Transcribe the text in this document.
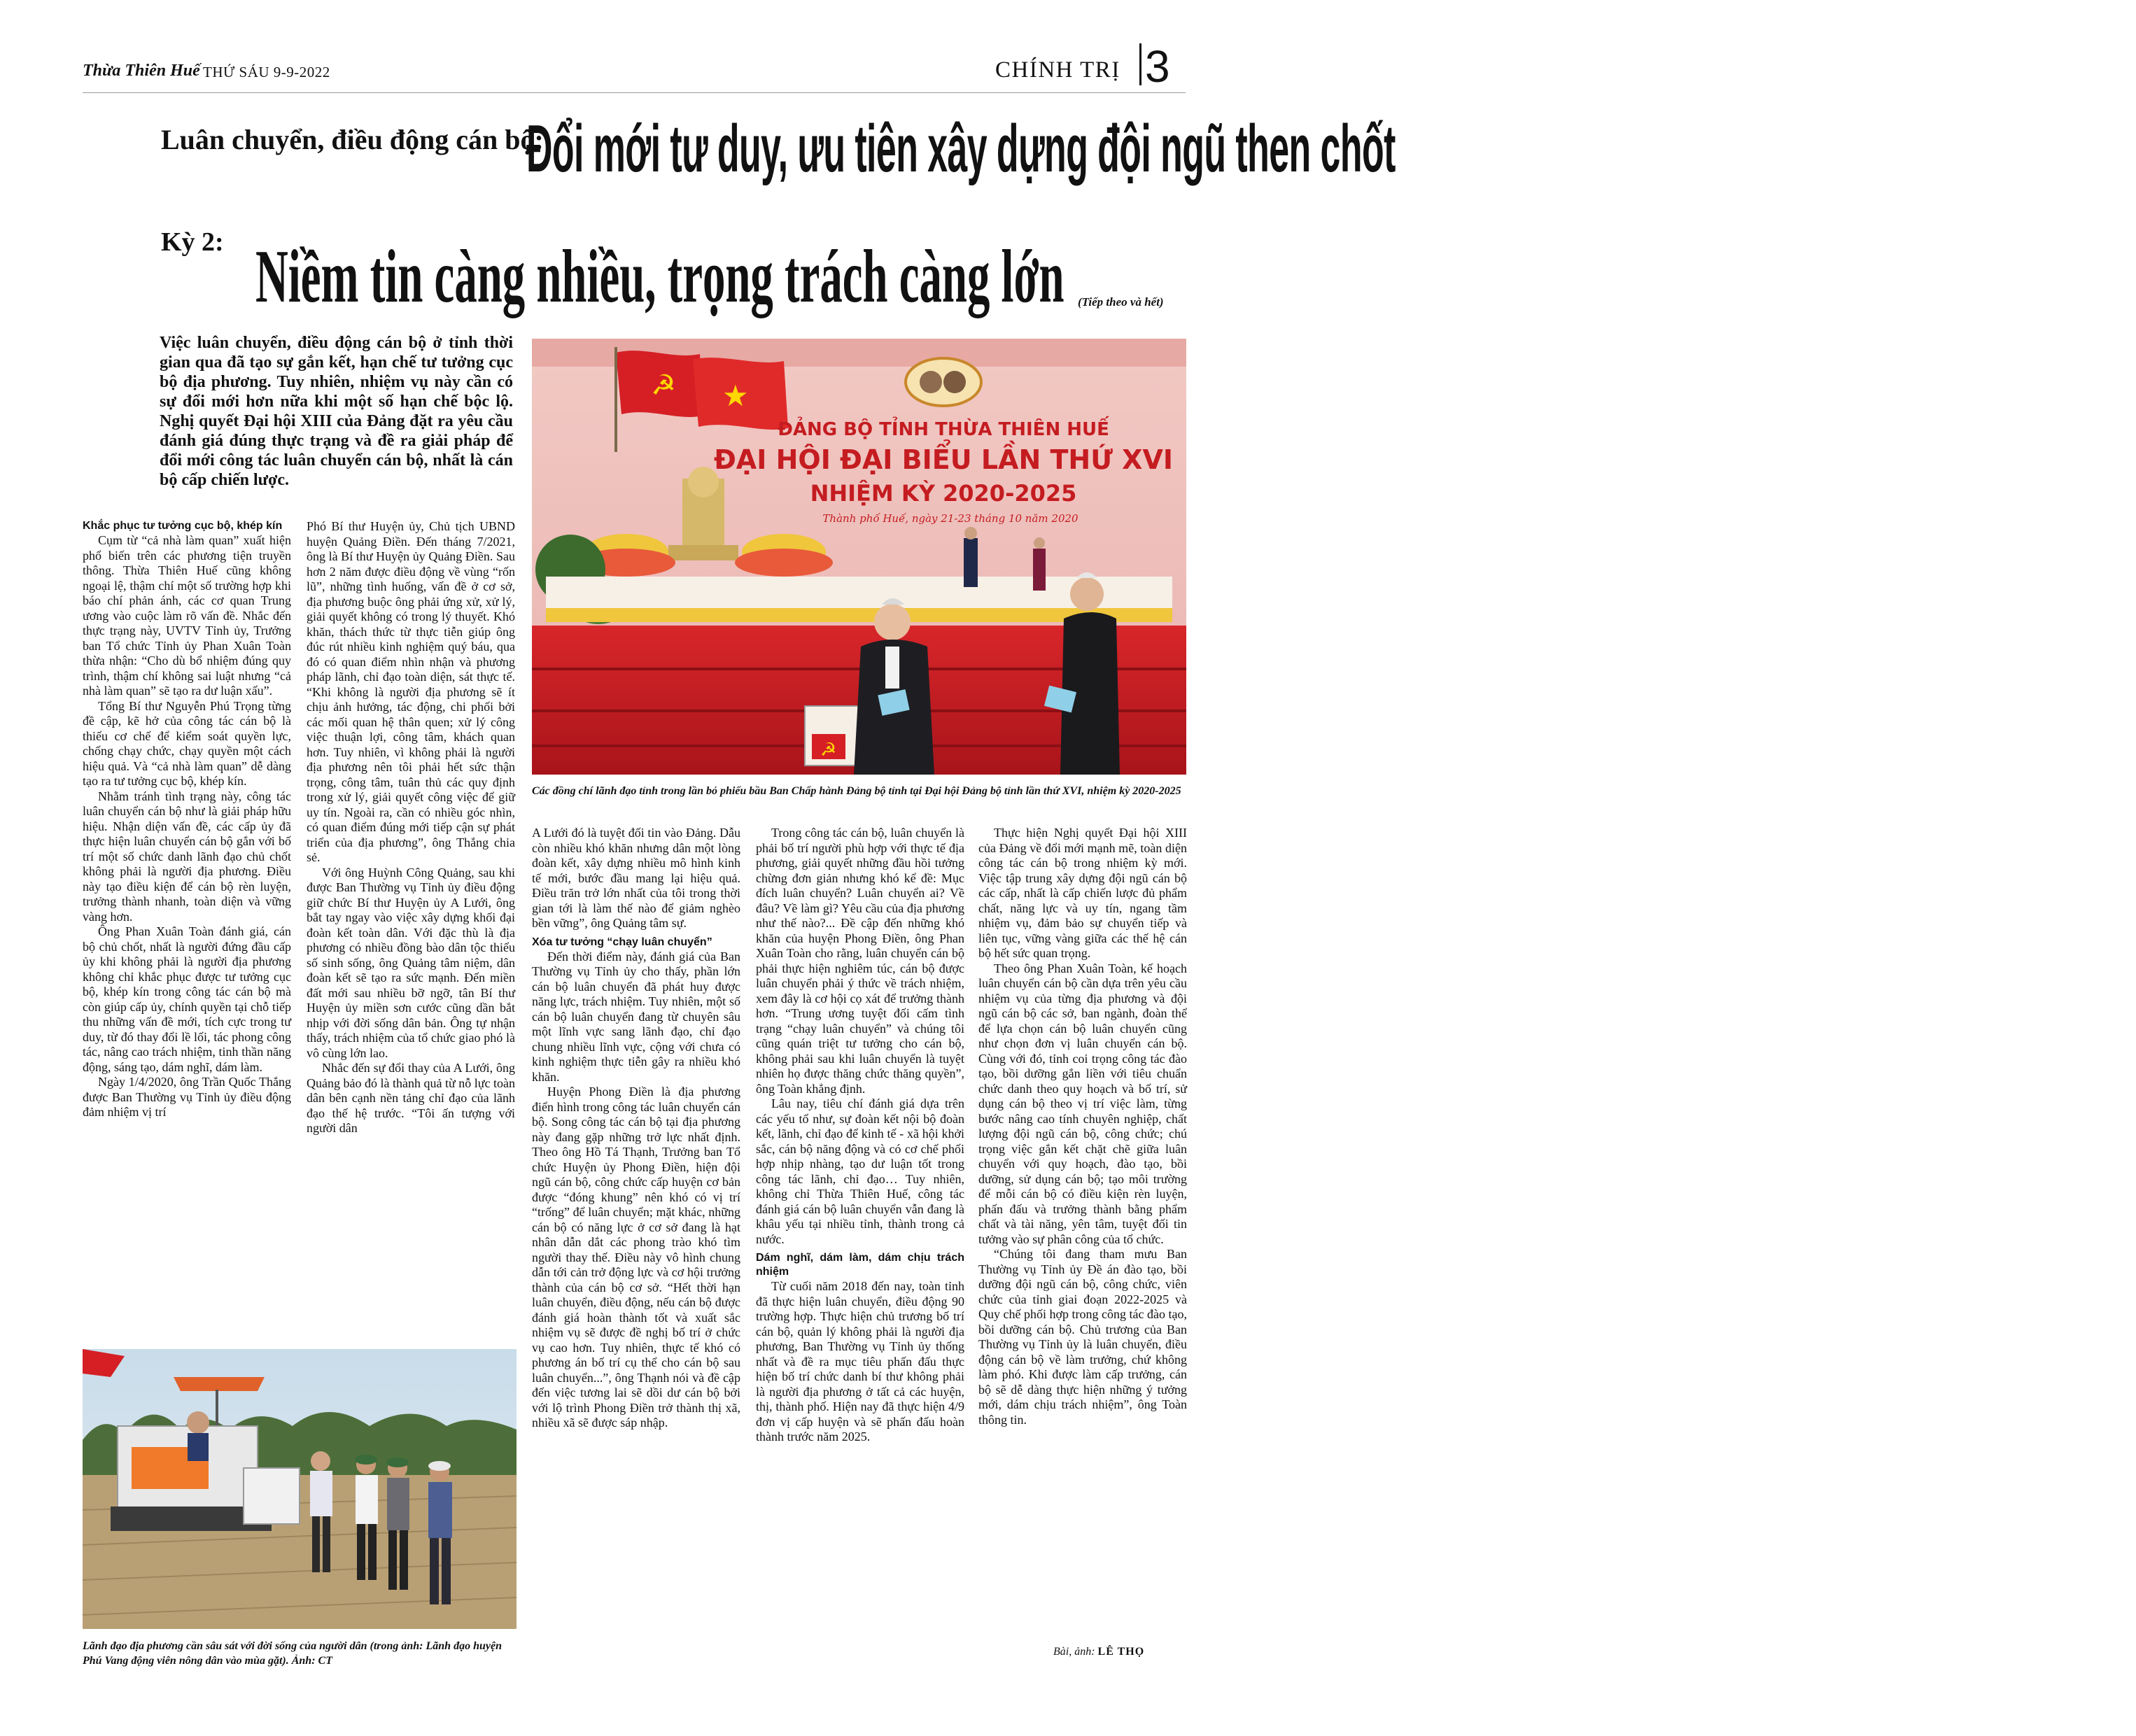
Thừa Thiên Huế THỨ SÁU 9-9-2022	CHÍNH TRỊ 3
Luân chuyển, điều động cán bộ:
Đổi mới tư duy, ưu tiên xây dựng đội ngũ then chốt
Kỳ 2: Niềm tin càng nhiều, trọng trách càng lớn (Tiếp theo và hết)
Việc luân chuyển, điều động cán bộ ở tỉnh thời gian qua đã tạo sự gắn kết, hạn chế tư tưởng cục bộ địa phương. Tuy nhiên, nhiệm vụ này cần có sự đổi mới hơn nữa khi một số hạn chế bộc lộ. Nghị quyết Đại hội XIII của Đảng đặt ra yêu cầu đánh giá đúng thực trạng và đề ra giải pháp để đổi mới công tác luân chuyển cán bộ, nhất là cán bộ cấp chiến lược.
☭ ★
ĐẢNG BỘ TỈNH THỪA THIÊN HUẾ
ĐẠI HỘI ĐẠI BIỂU LẦN THỨ XVI
NHIỆM KỲ 2020-2025
Thành phố Huế, ngày 21-23 tháng 10 năm 2020
☭
Các đồng chí lãnh đạo tỉnh trong lần bỏ phiếu bầu Ban Chấp hành Đảng bộ tỉnh tại Đại hội Đảng bộ tỉnh lần thứ XVI, nhiệm kỳ 2020-2025
Khắc phục tư tưởng cục bộ, khép kín

Cụm từ “cả nhà làm quan” xuất hiện phổ biến trên các phương tiện truyền thông. Thừa Thiên Huế cũng không ngoại lệ, thậm chí một số trường hợp khi báo chí phản ánh, các cơ quan Trung ương vào cuộc làm rõ vấn đề. Nhắc đến thực trạng này, UVTV Tỉnh ủy, Trưởng ban Tổ chức Tỉnh ủy Phan Xuân Toàn thừa nhận: “Cho dù bổ nhiệm đúng quy trình, thậm chí không sai luật nhưng “cả nhà làm quan” sẽ tạo ra dư luận xấu”.

Tổng Bí thư Nguyễn Phú Trọng từng đề cập, kẽ hở của công tác cán bộ là thiếu cơ chế để kiểm soát quyền lực, chống chạy chức, chạy quyền một cách hiệu quả. Và “cả nhà làm quan” dễ dàng tạo ra tư tưởng cục bộ, khép kín.

Nhằm tránh tình trạng này, công tác luân chuyển cán bộ như là giải pháp hữu hiệu. Nhận diện vấn đề, các cấp ủy đã thực hiện luân chuyển cán bộ gắn với bố trí một số chức danh lãnh đạo chủ chốt không phải là người địa phương. Điều này tạo điều kiện để cán bộ rèn luyện, trưởng thành nhanh, toàn diện và vững vàng hơn.

Ông Phan Xuân Toàn đánh giá, cán bộ chủ chốt, nhất là người đứng đầu cấp ủy khi không phải là người địa phương không chỉ khắc phục được tư tưởng cục bộ, khép kín trong công tác cán bộ mà còn giúp cấp ủy, chính quyền tại chỗ tiếp thu những vấn đề mới, tích cực trong tư duy, từ đó thay đổi lề lối, tác phong công tác, nâng cao trách nhiệm, tinh thần năng động, sáng tạo, dám nghĩ, dám làm.

Ngày 1/4/2020, ông Trần Quốc Thắng được Ban Thường vụ Tỉnh ủy điều động đảm nhiệm vị trí

Phó Bí thư Huyện ủy, Chủ tịch UBND huyện Quảng Điền. Đến tháng 7/2021, ông là Bí thư Huyện ủy Quảng Điền. Sau hơn 2 năm được điều động về vùng “rốn lũ”, những tình huống, vấn đề ở cơ sở, địa phương buộc ông phải ứng xử, xử lý, giải quyết không có trong lý thuyết. Khó khăn, thách thức từ thực tiễn giúp ông đúc rút nhiều kinh nghiệm quý báu, qua đó có quan điểm nhìn nhận và phương pháp lãnh, chỉ đạo toàn diện, sát thực tế. “Khi không là người địa phương sẽ ít chịu ảnh hưởng, tác động, chi phối bởi các mối quan hệ thân quen; xử lý công việc thuận lợi, công tâm, khách quan hơn. Tuy nhiên, vì không phải là người địa phương nên tôi phải hết sức thận trọng, công tâm, tuân thủ các quy định trong xử lý, giải quyết công việc để giữ uy tín. Ngoài ra, cần có nhiều góc nhìn, có quan điểm đúng mới tiếp cận sự phát triển của địa phương”, ông Thắng chia sẻ.

Với ông Huỳnh Công Quảng, sau khi được Ban Thường vụ Tỉnh ủy điều động giữ chức Bí thư Huyện ủy A Lưới, ông bắt tay ngay vào việc xây dựng khối đại đoàn kết toàn dân. Với đặc thù là địa phương có nhiều đồng bào dân tộc thiểu số sinh sống, ông Quảng tâm niệm, dân đoàn kết sẽ tạo ra sức mạnh. Đến miền đất mới sau nhiều bỡ ngỡ, tân Bí thư Huyện ủy miền sơn cước cũng dần bắt nhịp với đời sống dân bản. Ông tự nhận thấy, trách nhiệm của tổ chức giao phó là vô cùng lớn lao.

Nhắc đến sự đổi thay của A Lưới, ông Quảng bảo đó là thành quả từ nỗ lực toàn dân bên cạnh nền tảng chỉ đạo của lãnh đạo thế hệ trước. “Tôi ấn tượng với người dân

Lãnh đạo địa phương cần sâu sát với đời sống của người dân (trong ảnh: Lãnh đạo huyện Phú Vang động viên nông dân vào mùa gặt). Ảnh: CT

A Lưới đó là tuyệt đối tin vào Đảng. Dẫu còn nhiều khó khăn nhưng dân một lòng đoàn kết, xây dựng nhiều mô hình kinh tế mới, bước đầu mang lại hiệu quả. Điều trăn trở lớn nhất của tôi trong thời gian tới là làm thế nào để giảm nghèo bền vững”, ông Quảng tâm sự.

Xóa tư tưởng “chạy luân chuyển”

Đến thời điểm này, đánh giá của Ban Thường vụ Tỉnh ủy cho thấy, phần lớn cán bộ luân chuyển đã phát huy được năng lực, trách nhiệm. Tuy nhiên, một số cán bộ luân chuyển đang từ chuyên sâu một lĩnh vực sang lãnh đạo, chỉ đạo chung nhiều lĩnh vực, cộng với chưa có kinh nghiệm thực tiễn gây ra nhiều khó khăn.

Huyện Phong Điền là địa phương điển hình trong công tác luân chuyển cán bộ. Song công tác cán bộ tại địa phương này đang gặp những trở lực nhất định. Theo ông Hồ Tá Thạnh, Trưởng ban Tổ chức Huyện ủy Phong Điền, hiện đội ngũ cán bộ, công chức cấp huyện cơ bản được “đóng khung” nên khó có vị trí “trống” để luân chuyển; mặt khác, những cán bộ có năng lực ở cơ sở đang là hạt nhân dẫn dắt các phong trào khó tìm người thay thế. Điều này vô hình chung dẫn tới cản trở động lực và cơ hội trưởng thành của cán bộ cơ sở. “Hết thời hạn luân chuyển, điều động, nếu cán bộ được đánh giá hoàn thành tốt và xuất sắc nhiệm vụ sẽ được đề nghị bố trí ở chức vụ cao hơn. Tuy nhiên, thực tế khó có phương án bố trí cụ thể cho cán bộ sau luân chuyển...”, ông Thạnh nói và đề cập đến việc tương lai sẽ dồi dư cán bộ bởi với lộ trình Phong Điền trở thành thị xã, nhiều xã sẽ được sáp nhập.

Trong công tác cán bộ, luân chuyển là phải bố trí người phù hợp với thực tế địa phương, giải quyết những đầu hồi tưởng chừng đơn giản nhưng khó kể đề: Mục đích luân chuyển? Luân chuyển ai? Về đâu? Về làm gì? Yêu cầu của địa phương như thế nào?... Đề cập đến những khó khăn của huyện Phong Điền, ông Phan Xuân Toàn cho rằng, luân chuyển cán bộ phải thực hiện nghiêm túc, cán bộ được luân chuyển phải ý thức về trách nhiệm, xem đây là cơ hội cọ xát để trưởng thành hơn. “Trung ương tuyệt đối cấm tình trạng “chạy luân chuyển” và chúng tôi cũng quán triệt tư tưởng cho cán bộ, không phải sau khi luân chuyển là tuyệt nhiên họ được thăng chức thăng quyền”, ông Toàn khẳng định.

Lâu nay, tiêu chí đánh giá dựa trên các yếu tố như, sự đoàn kết nội bộ đoàn kết, lãnh, chỉ đạo để kinh tế - xã hội khởi sắc, cán bộ năng động và có cơ chế phối hợp nhịp nhàng, tạo dư luận tốt trong công tác lãnh, chỉ đạo… Tuy nhiên, không chỉ Thừa Thiên Huế, công tác đánh giá cán bộ luân chuyển vẫn đang là khâu yếu tại nhiều tỉnh, thành trong cả nước.

Dám nghĩ, dám làm, dám chịu trách nhiệm

Từ cuối năm 2018 đến nay, toàn tỉnh đã thực hiện luân chuyển, điều động 90 trường hợp. Thực hiện chủ trương bố trí cán bộ, quản lý không phải là người địa phương, Ban Thường vụ Tỉnh ủy thống nhất và đề ra mục tiêu phấn đấu thực hiện bố trí chức danh bí thư không phải là người địa phương ở tất cả các huyện, thị, thành phố. Hiện nay đã thực hiện 4/9 đơn vị cấp huyện và sẽ phấn đấu hoàn thành trước năm 2025.

Thực hiện Nghị quyết Đại hội XIII của Đảng về đổi mới mạnh mẽ, toàn diện công tác cán bộ trong nhiệm kỳ mới. Việc tập trung xây dựng đội ngũ cán bộ các cấp, nhất là cấp chiến lược đủ phẩm chất, năng lực và uy tín, ngang tầm nhiệm vụ, đảm bảo sự chuyển tiếp và liên tục, vững vàng giữa các thế hệ cán bộ hết sức quan trọng.

Theo ông Phan Xuân Toàn, kế hoạch luân chuyển cán bộ cần dựa trên yêu cầu nhiệm vụ của từng địa phương và đội ngũ cán bộ các sở, ban ngành, đoàn thể để lựa chọn cán bộ luân chuyển cũng như chọn đơn vị luân chuyển cán bộ. Cùng với đó, tỉnh coi trọng công tác đào tạo, bồi dưỡng gắn liền với tiêu chuẩn chức danh theo quy hoạch và bố trí, sử dụng cán bộ theo vị trí việc làm, từng bước nâng cao tính chuyên nghiệp, chất lượng đội ngũ cán bộ, công chức; chú trọng việc gắn kết chặt chẽ giữa luân chuyển với quy hoạch, đào tạo, bồi dưỡng, sử dụng cán bộ; tạo môi trường để mỗi cán bộ có điều kiện rèn luyện, phấn đấu và trưởng thành bằng phẩm chất và tài năng, yên tâm, tuyệt đối tin tưởng vào sự phân công của tổ chức.

“Chúng tôi đang tham mưu Ban Thường vụ Tỉnh ủy Đề án đào tạo, bồi dưỡng đội ngũ cán bộ, công chức, viên chức của tỉnh giai đoạn 2022-2025 và Quy chế phối hợp trong công tác đào tạo, bồi dưỡng cán bộ. Chủ trương của Ban Thường vụ Tỉnh ủy là luân chuyển, điều động cán bộ về làm trưởng, chứ không làm phó. Khi được làm cấp trưởng, cán bộ sẽ dễ dàng thực hiện những ý tưởng mới, dám chịu trách nhiệm”, ông Toàn thông tin.

Bài, ảnh: LÊ THỌ
